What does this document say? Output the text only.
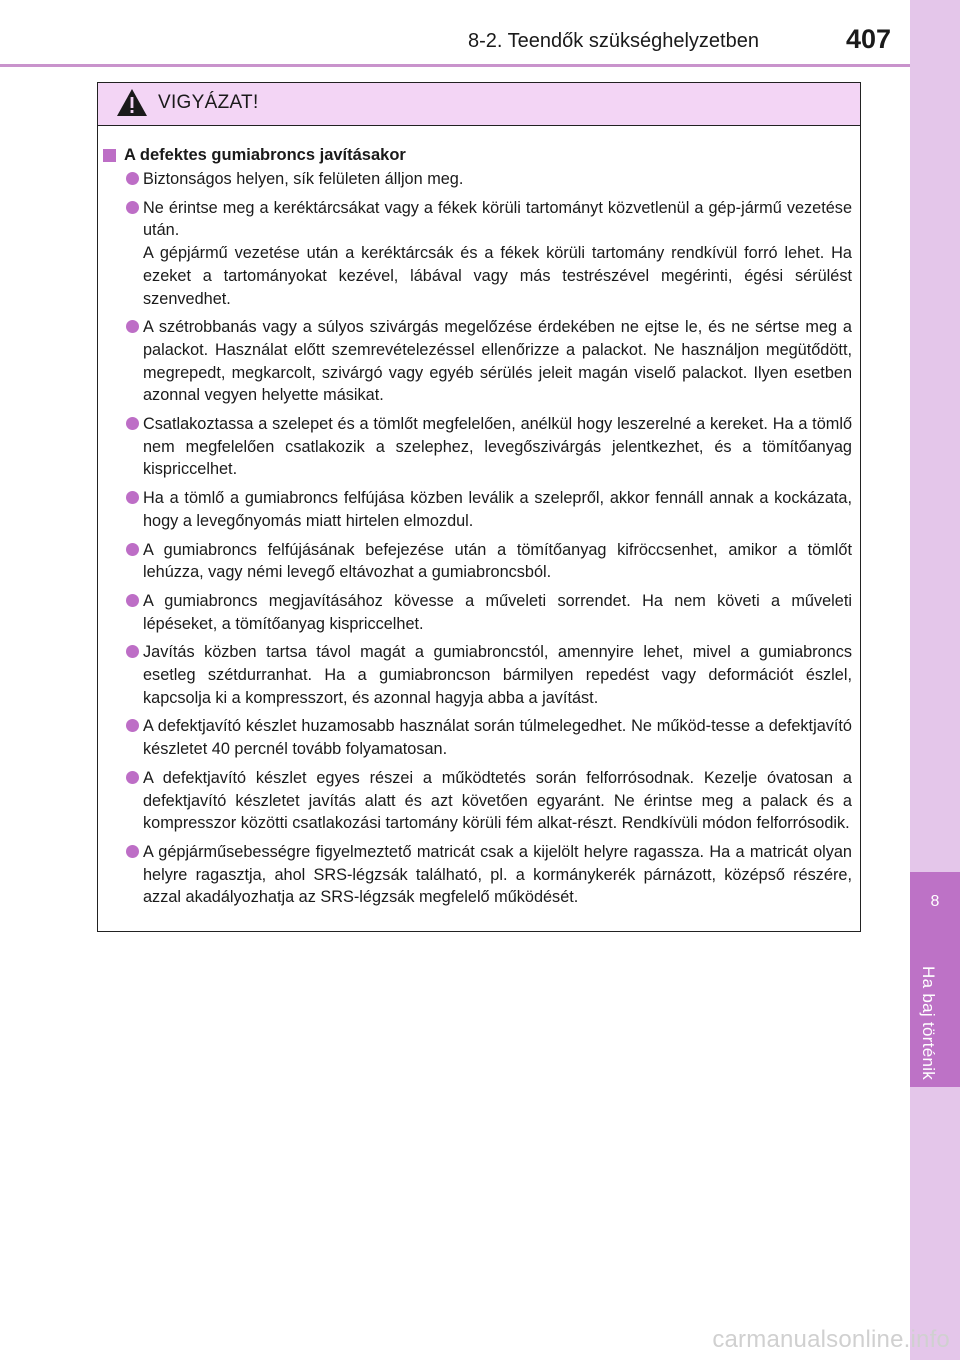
8-2. Teendők szükséghelyzetben	407
8
Ha baj történik
VIGYÁZAT!
A defektes gumiabroncs javításakor
Biztonságos helyen, sík felületen álljon meg.
Ne érintse meg a keréktárcsákat vagy a fékek körüli tartományt közvetlenül a gép-jármű vezetése után.
A gépjármű vezetése után a keréktárcsák és a fékek körüli tartomány rendkívül forró lehet. Ha ezeket a tartományokat kezével, lábával vagy más testrészével megérinti, égési sérülést szenvedhet.
A szétrobbanás vagy a súlyos szivárgás megelőzése érdekében ne ejtse le, és ne sértse meg a palackot. Használat előtt szemrevételezéssel ellenőrizze a palackot. Ne használjon megütődött, megrepedt, megkarcolt, szivárgó vagy egyéb sérülés jeleit magán viselő palackot. Ilyen esetben azonnal vegyen helyette másikat.
Csatlakoztassa a szelepet és a tömlőt megfelelően, anélkül hogy leszerelné a kereket. Ha a tömlő nem megfelelően csatlakozik a szelephez, levegőszivárgás jelentkezhet, és a tömítőanyag kispriccelhet.
Ha a tömlő a gumiabroncs felfújása közben leválik a szelepről, akkor fennáll annak a kockázata, hogy a levegőnyomás miatt hirtelen elmozdul.
A gumiabroncs felfújásának befejezése után a tömítőanyag kifröccsenhet, amikor a tömlőt lehúzza, vagy némi levegő eltávozhat a gumiabroncsból.
A gumiabroncs megjavításához kövesse a műveleti sorrendet. Ha nem követi a műveleti lépéseket, a tömítőanyag kispriccelhet.
Javítás közben tartsa távol magát a gumiabroncstól, amennyire lehet, mivel a gumiabroncs esetleg szétdurranhat. Ha a gumiabroncson bármilyen repedést vagy deformációt észlel, kapcsolja ki a kompresszort, és azonnal hagyja abba a javítást.
A defektjavító készlet huzamosabb használat során túlmelegedhet. Ne működ-tesse a defektjavító készletet 40 percnél tovább folyamatosan.
A defektjavító készlet egyes részei a működtetés során felforrósodnak. Kezelje óvatosan a defektjavító készletet javítás alatt és azt követően egyaránt. Ne érintse meg a palack és a kompresszor közötti csatlakozási tartomány körüli fém alkat-részt. Rendkívüli módon felforrósodik.
A gépjárműsebességre figyelmeztető matricát csak a kijelölt helyre ragassza. Ha a matricát olyan helyre ragasztja, ahol SRS-légzsák található, pl. a kormánykerék párnázott, középső részére, azzal akadályozhatja az SRS-légzsák megfelelő működését.
carmanualsonline.info
